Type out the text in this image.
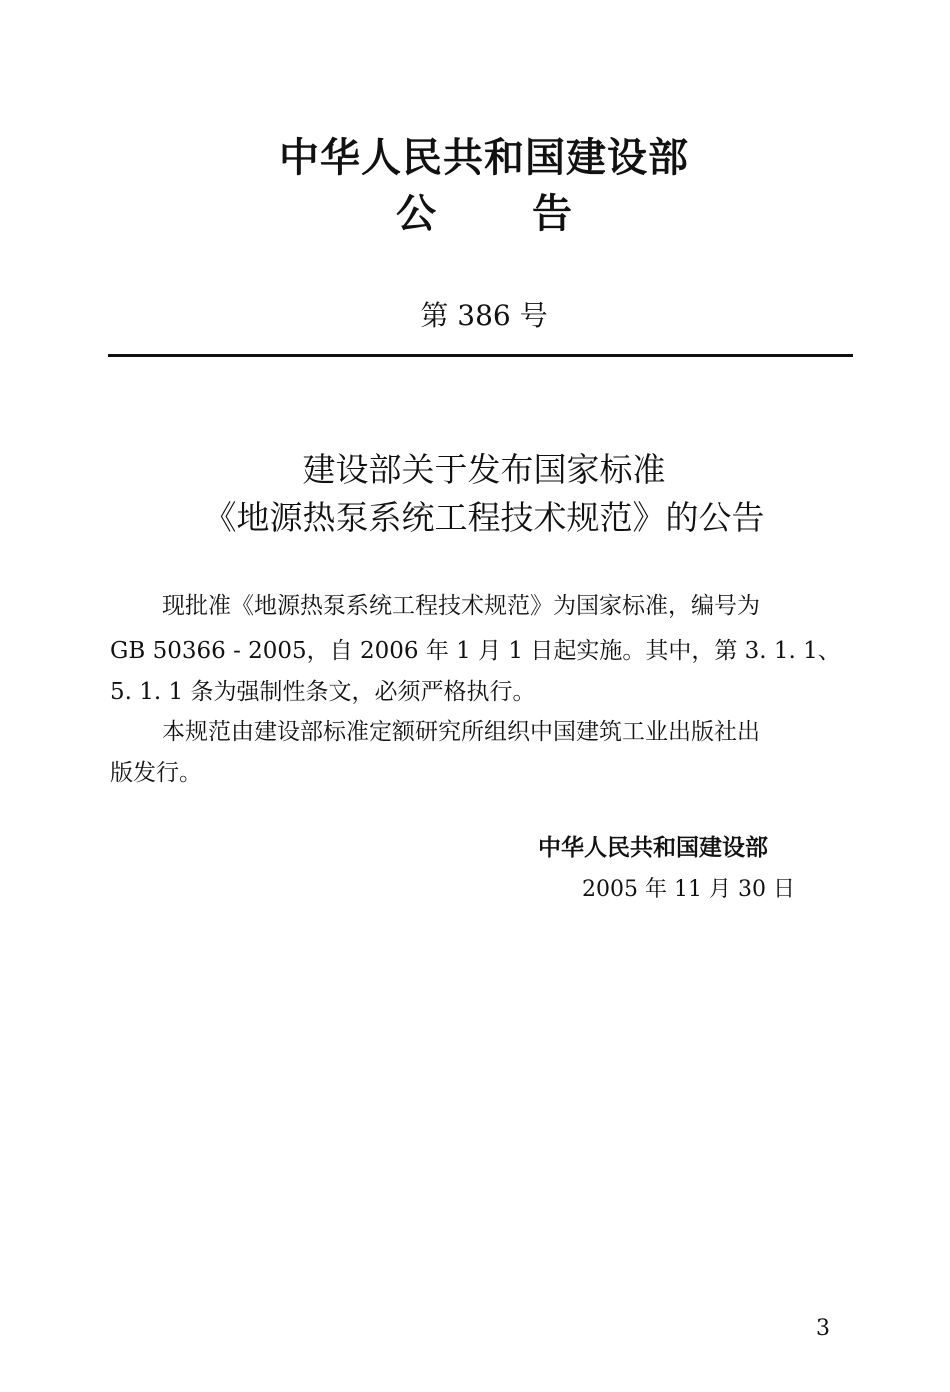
中华人民共和国建设部
公告
第 386 号
建设部关于发布国家标准
《地源热泵系统工程技术规范》的公告
现批准《地源热泵系统工程技术规范》为国家标准，编号为
GB 50366 - 2005，自 2006 年 1 月 1 日起实施。其中，第 3. 1. 1、
5. 1. 1 条为强制性条文，必须严格执行。
本规范由建设部标准定额研究所组织中国建筑工业出版社出
版发行。
中华人民共和国建设部
2005 年 11 月 30 日
3
